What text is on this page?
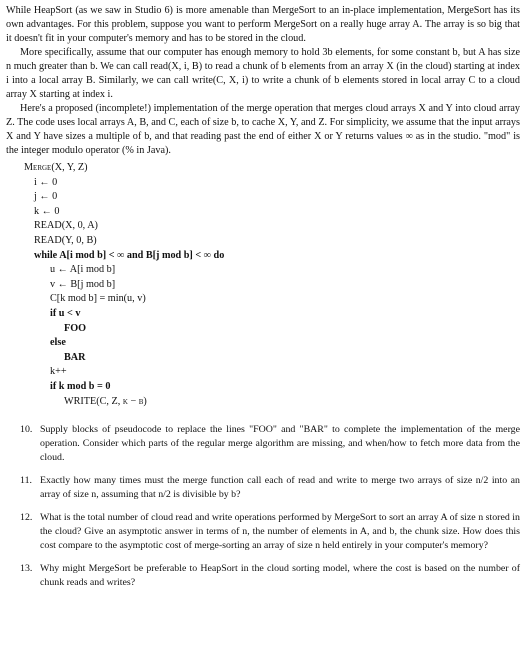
While HeapSort (as we saw in Studio 6) is more amenable than MergeSort to an in-place implementation, MergeSort has its own advantages. For this problem, suppose you want to perform MergeSort on a really huge array A. The array is so big that it doesn't fit in your computer's memory and has to be stored in the cloud.

More specifically, assume that our computer has enough memory to hold 3b elements, for some constant b, but A has size n much greater than b. We can call read(X, i, B) to read a chunk of b elements from an array X (in the cloud) starting at index i into a local array B. Similarly, we can call write(C, X, i) to write a chunk of b elements stored in local array C to a cloud array X starting at index i.

Here's a proposed (incomplete!) implementation of the merge operation that merges cloud arrays X and Y into cloud array Z. The code uses local arrays A, B, and C, each of size b, to cache X, Y, and Z. For simplicity, we assume that the input arrays X and Y have sizes a multiple of b, and that reading past the end of either X or Y returns values ∞ as in the studio. "mod" is the integer modulo operator (% in Java).

Merge(X, Y, Z)
i ← 0
j ← 0
k ← 0
READ(X, 0, A)
READ(Y, 0, B)
while A[i mod b] < ∞ and B[j mod b] < ∞ do
u ← A[i mod b]
v ← B[j mod b]
C[k mod b] = min(u, v)
if u < v
FOO
else
BAR
k++
if k mod b = 0
WRITE(C, Z, k − b)
10. Supply blocks of pseudocode to replace the lines "FOO" and "BAR" to complete the implementation of the merge operation. Consider which parts of the regular merge algorithm are missing, and when/how to fetch more data from the cloud.
11. Exactly how many times must the merge function call each of read and write to merge two arrays of size n/2 into an array of size n, assuming that n/2 is divisible by b?
12. What is the total number of cloud read and write operations performed by MergeSort to sort an array A of size n stored in the cloud? Give an asymptotic answer in terms of n, the number of elements in A, and b, the chunk size. How does this cost compare to the asymptotic cost of merge-sorting an array of size n held entirely in your computer's memory?
13. Why might MergeSort be preferable to HeapSort in the cloud sorting model, where the cost is based on the number of chunk reads and writes?
